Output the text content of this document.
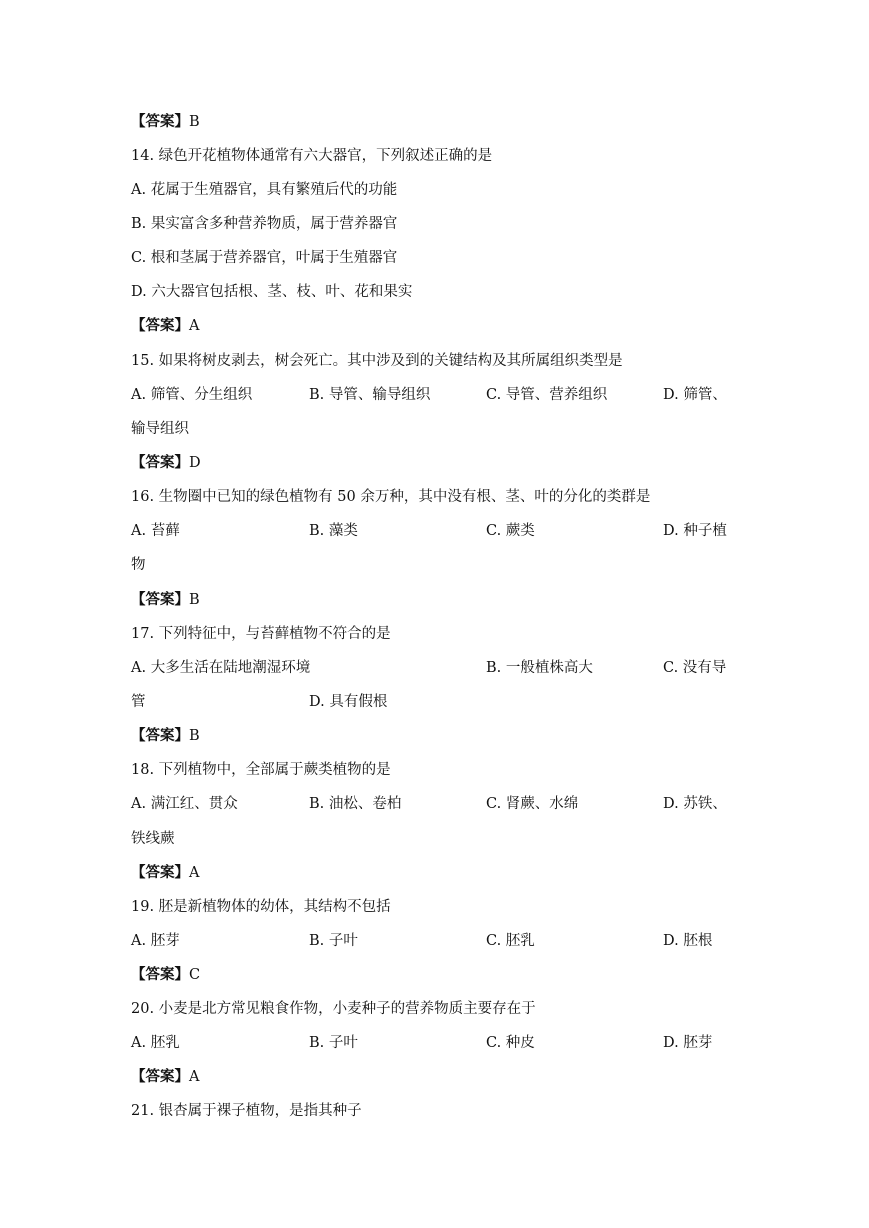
【答案】B
14. 绿色开花植物体通常有六大器官，下列叙述正确的是
A. 花属于生殖器官，具有繁殖后代的功能
B. 果实富含多种营养物质，属于营养器官
C. 根和茎属于营养器官，叶属于生殖器官
D. 六大器官包括根、茎、枝、叶、花和果实
【答案】A
15. 如果将树皮剥去，树会死亡。其中涉及到的关键结构及其所属组织类型是
A. 筛管、分生组织	B. 导管、输导组织	C. 导管、营养组织	D. 筛管、
输导组织
【答案】D
16. 生物圈中已知的绿色植物有 50 余万种，其中没有根、茎、叶的分化的类群是
A. 苔藓	B. 藻类	C. 蕨类	D. 种子植
物
【答案】B
17. 下列特征中，与苔藓植物不符合的是
A. 大多生活在陆地潮湿环境	B. 一般植株高大	C. 没有导
管	D. 具有假根
【答案】B
18. 下列植物中，全部属于蕨类植物的是
A. 满江红、贯众	B. 油松、卷柏	C. 肾蕨、水绵	D. 苏铁、
铁线蕨
【答案】A
19. 胚是新植物体的幼体，其结构不包括
A. 胚芽	B. 子叶	C. 胚乳	D. 胚根
【答案】C
20. 小麦是北方常见粮食作物，小麦种子的营养物质主要存在于
A. 胚乳	B. 子叶	C. 种皮	D. 胚芽
【答案】A
21. 银杏属于裸子植物，是指其种子
